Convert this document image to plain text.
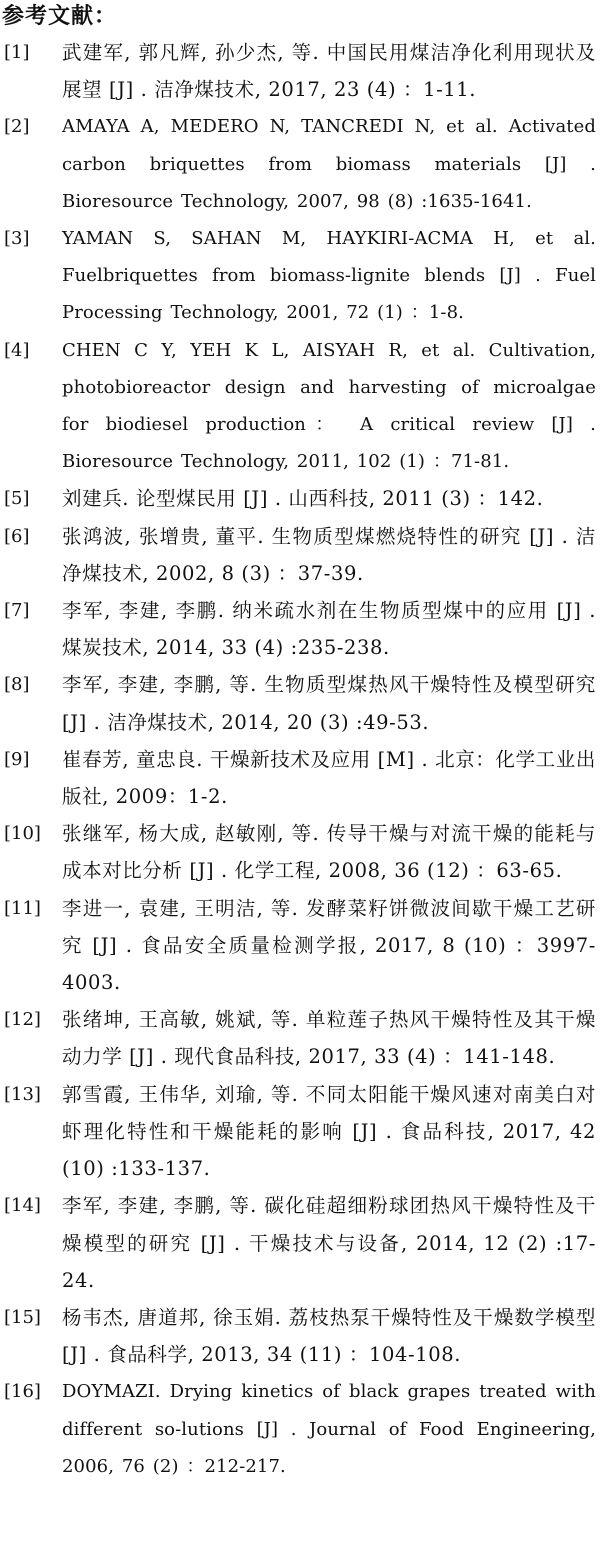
参考文献：

[1] 武建军, 郭凡辉, 孙少杰, 等. 中国民用煤洁净化利用现状及展望 [J] . 洁净煤技术, 2017, 23 (4) ：1-11.

[2] AMAYA A, MEDERO N, TANCREDI N, et al. Activated carbon briquettes from biomass materials [J] . Bioresource Technology, 2007, 98 (8) :1635-1641.

[3] YAMAN S, SAHAN M, HAYKIRI-ACMA H, et al. Fuelbriquettes from biomass-lignite blends [J] . Fuel Processing Technology, 2001, 72 (1) ：1-8.

[4] CHEN C Y, YEH K L, AISYAH R, et al. Cultivation, photobioreactor design and harvesting of microalgae for biodiesel production： A critical review [J] . Bioresource Technology, 2011, 102 (1) ：71-81.

[5] 刘建兵. 论型煤民用 [J] . 山西科技, 2011 (3) ：142.

[6] 张鸿波, 张增贵, 董平. 生物质型煤燃烧特性的研究 [J] . 洁净煤技术, 2002, 8 (3) ：37-39.

[7] 李军, 李建, 李鹏. 纳米疏水剂在生物质型煤中的应用 [J] . 煤炭技术, 2014, 33 (4) :235-238.

[8] 李军, 李建, 李鹏, 等. 生物质型煤热风干燥特性及模型研究 [J] . 洁净煤技术, 2014, 20 (3) :49-53.

[9] 崔春芳, 童忠良. 干燥新技术及应用 [M] . 北京：化学工业出版社, 2009：1-2.

[10] 张继军, 杨大成, 赵敏刚, 等. 传导干燥与对流干燥的能耗与成本对比分析 [J] . 化学工程, 2008, 36 (12) ：63-65.

[11] 李进一, 袁建, 王明洁, 等. 发酵菜籽饼微波间歇干燥工艺研究 [J] . 食品安全质量检测学报, 2017, 8 (10) ：3997-4003.

[12] 张绪坤, 王高敏, 姚斌, 等. 单粒莲子热风干燥特性及其干燥动力学 [J] . 现代食品科技, 2017, 33 (4) ：141-148.

[13] 郭雪霞, 王伟华, 刘瑜, 等. 不同太阳能干燥风速对南美白对虾理化特性和干燥能耗的影响 [J] . 食品科技, 2017, 42 (10) :133-137.

[14] 李军, 李建, 李鹏, 等. 碳化硅超细粉球团热风干燥特性及干燥模型的研究 [J] . 干燥技术与设备, 2014, 12 (2) :17-24.

[15] 杨韦杰, 唐道邦, 徐玉娟. 荔枝热泵干燥特性及干燥数学模型 [J] . 食品科学, 2013, 34 (11) ：104-108.

[16] DOYMAZI. Drying kinetics of black grapes treated with different so-lutions [J] . Journal of Food Engineering, 2006, 76 (2) ：212-217.
